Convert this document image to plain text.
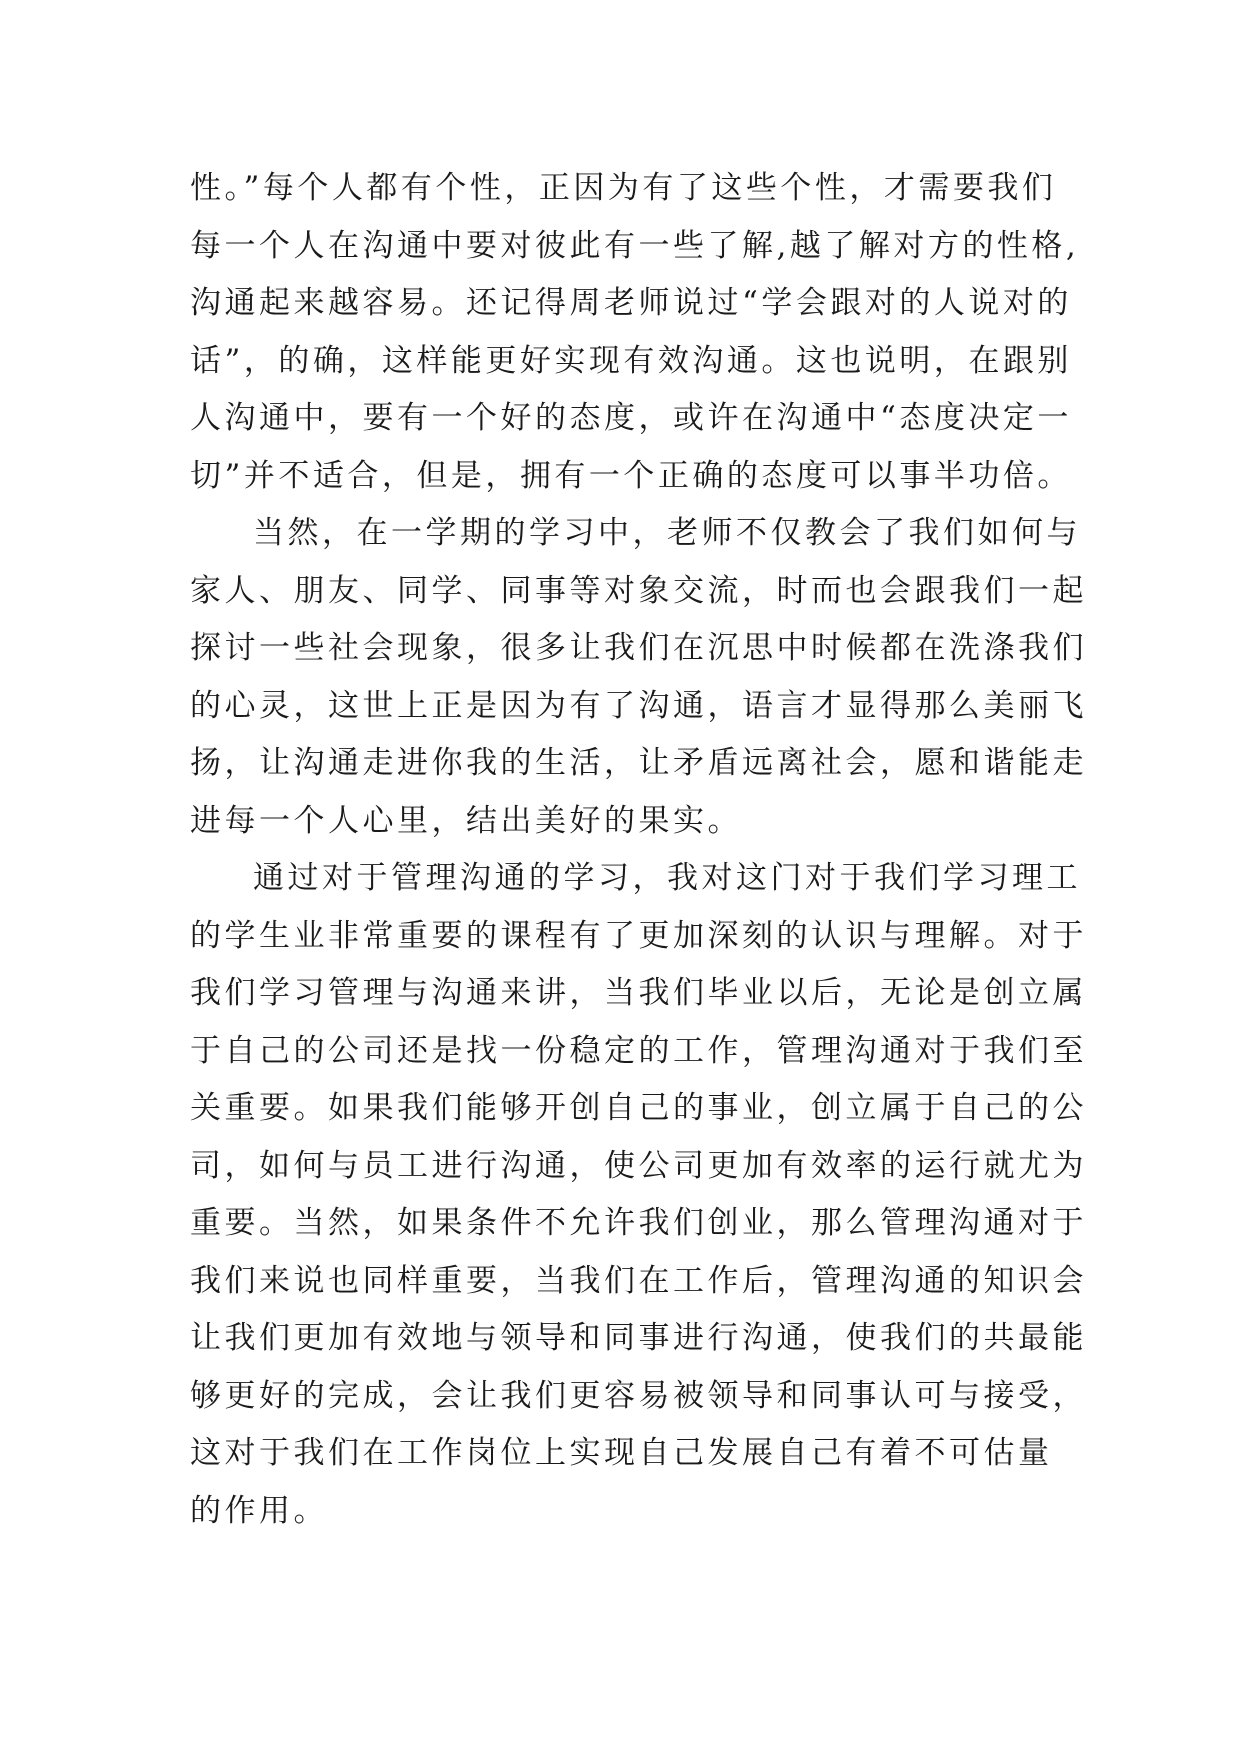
性。”每个人都有个性，正因为有了这些个性，才需要我们
每一个人在沟通中要对彼此有一些了解,越了解对方的性格,
沟通起来越容易。还记得周老师说过“学会跟对的人说对的
话”，的确，这样能更好实现有效沟通。这也说明，在跟别
人沟通中，要有一个好的态度，或许在沟通中“态度决定一
切”并不适合，但是，拥有一个正确的态度可以事半功倍。
当然，在一学期的学习中，老师不仅教会了我们如何与
家人、朋友、同学、同事等对象交流，时而也会跟我们一起
探讨一些社会现象，很多让我们在沉思中时候都在洗涤我们
的心灵，这世上正是因为有了沟通，语言才显得那么美丽飞
扬，让沟通走进你我的生活，让矛盾远离社会，愿和谐能走
进每一个人心里，结出美好的果实。
通过对于管理沟通的学习，我对这门对于我们学习理工
的学生业非常重要的课程有了更加深刻的认识与理解。对于
我们学习管理与沟通来讲，当我们毕业以后，无论是创立属
于自己的公司还是找一份稳定的工作，管理沟通对于我们至
关重要。如果我们能够开创自己的事业，创立属于自己的公
司，如何与员工进行沟通，使公司更加有效率的运行就尤为
重要。当然，如果条件不允许我们创业，那么管理沟通对于
我们来说也同样重要，当我们在工作后，管理沟通的知识会
让我们更加有效地与领导和同事进行沟通，使我们的共最能
够更好的完成，会让我们更容易被领导和同事认可与接受，
这对于我们在工作岗位上实现自己发展自己有着不可估量
的作用。
